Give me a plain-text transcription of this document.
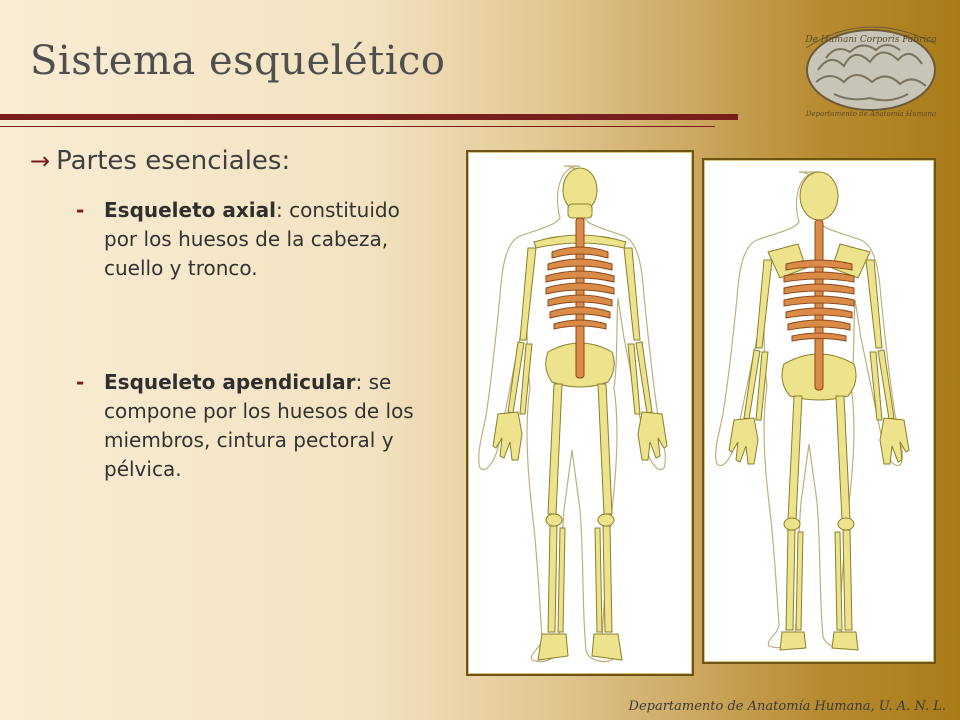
Sistema esquelético	De Humani Corporis Fabrica
Departamento de Anatomía Humana
→ Partes esenciales:
- Esqueleto axial: constituido por los huesos de la cabeza, cuello y tronco.
- Esqueleto apendicular: se compone por los huesos de los miembros, cintura pectoral y pélvica.
Departamento de Anatomía Humana, U. A. N. L.
